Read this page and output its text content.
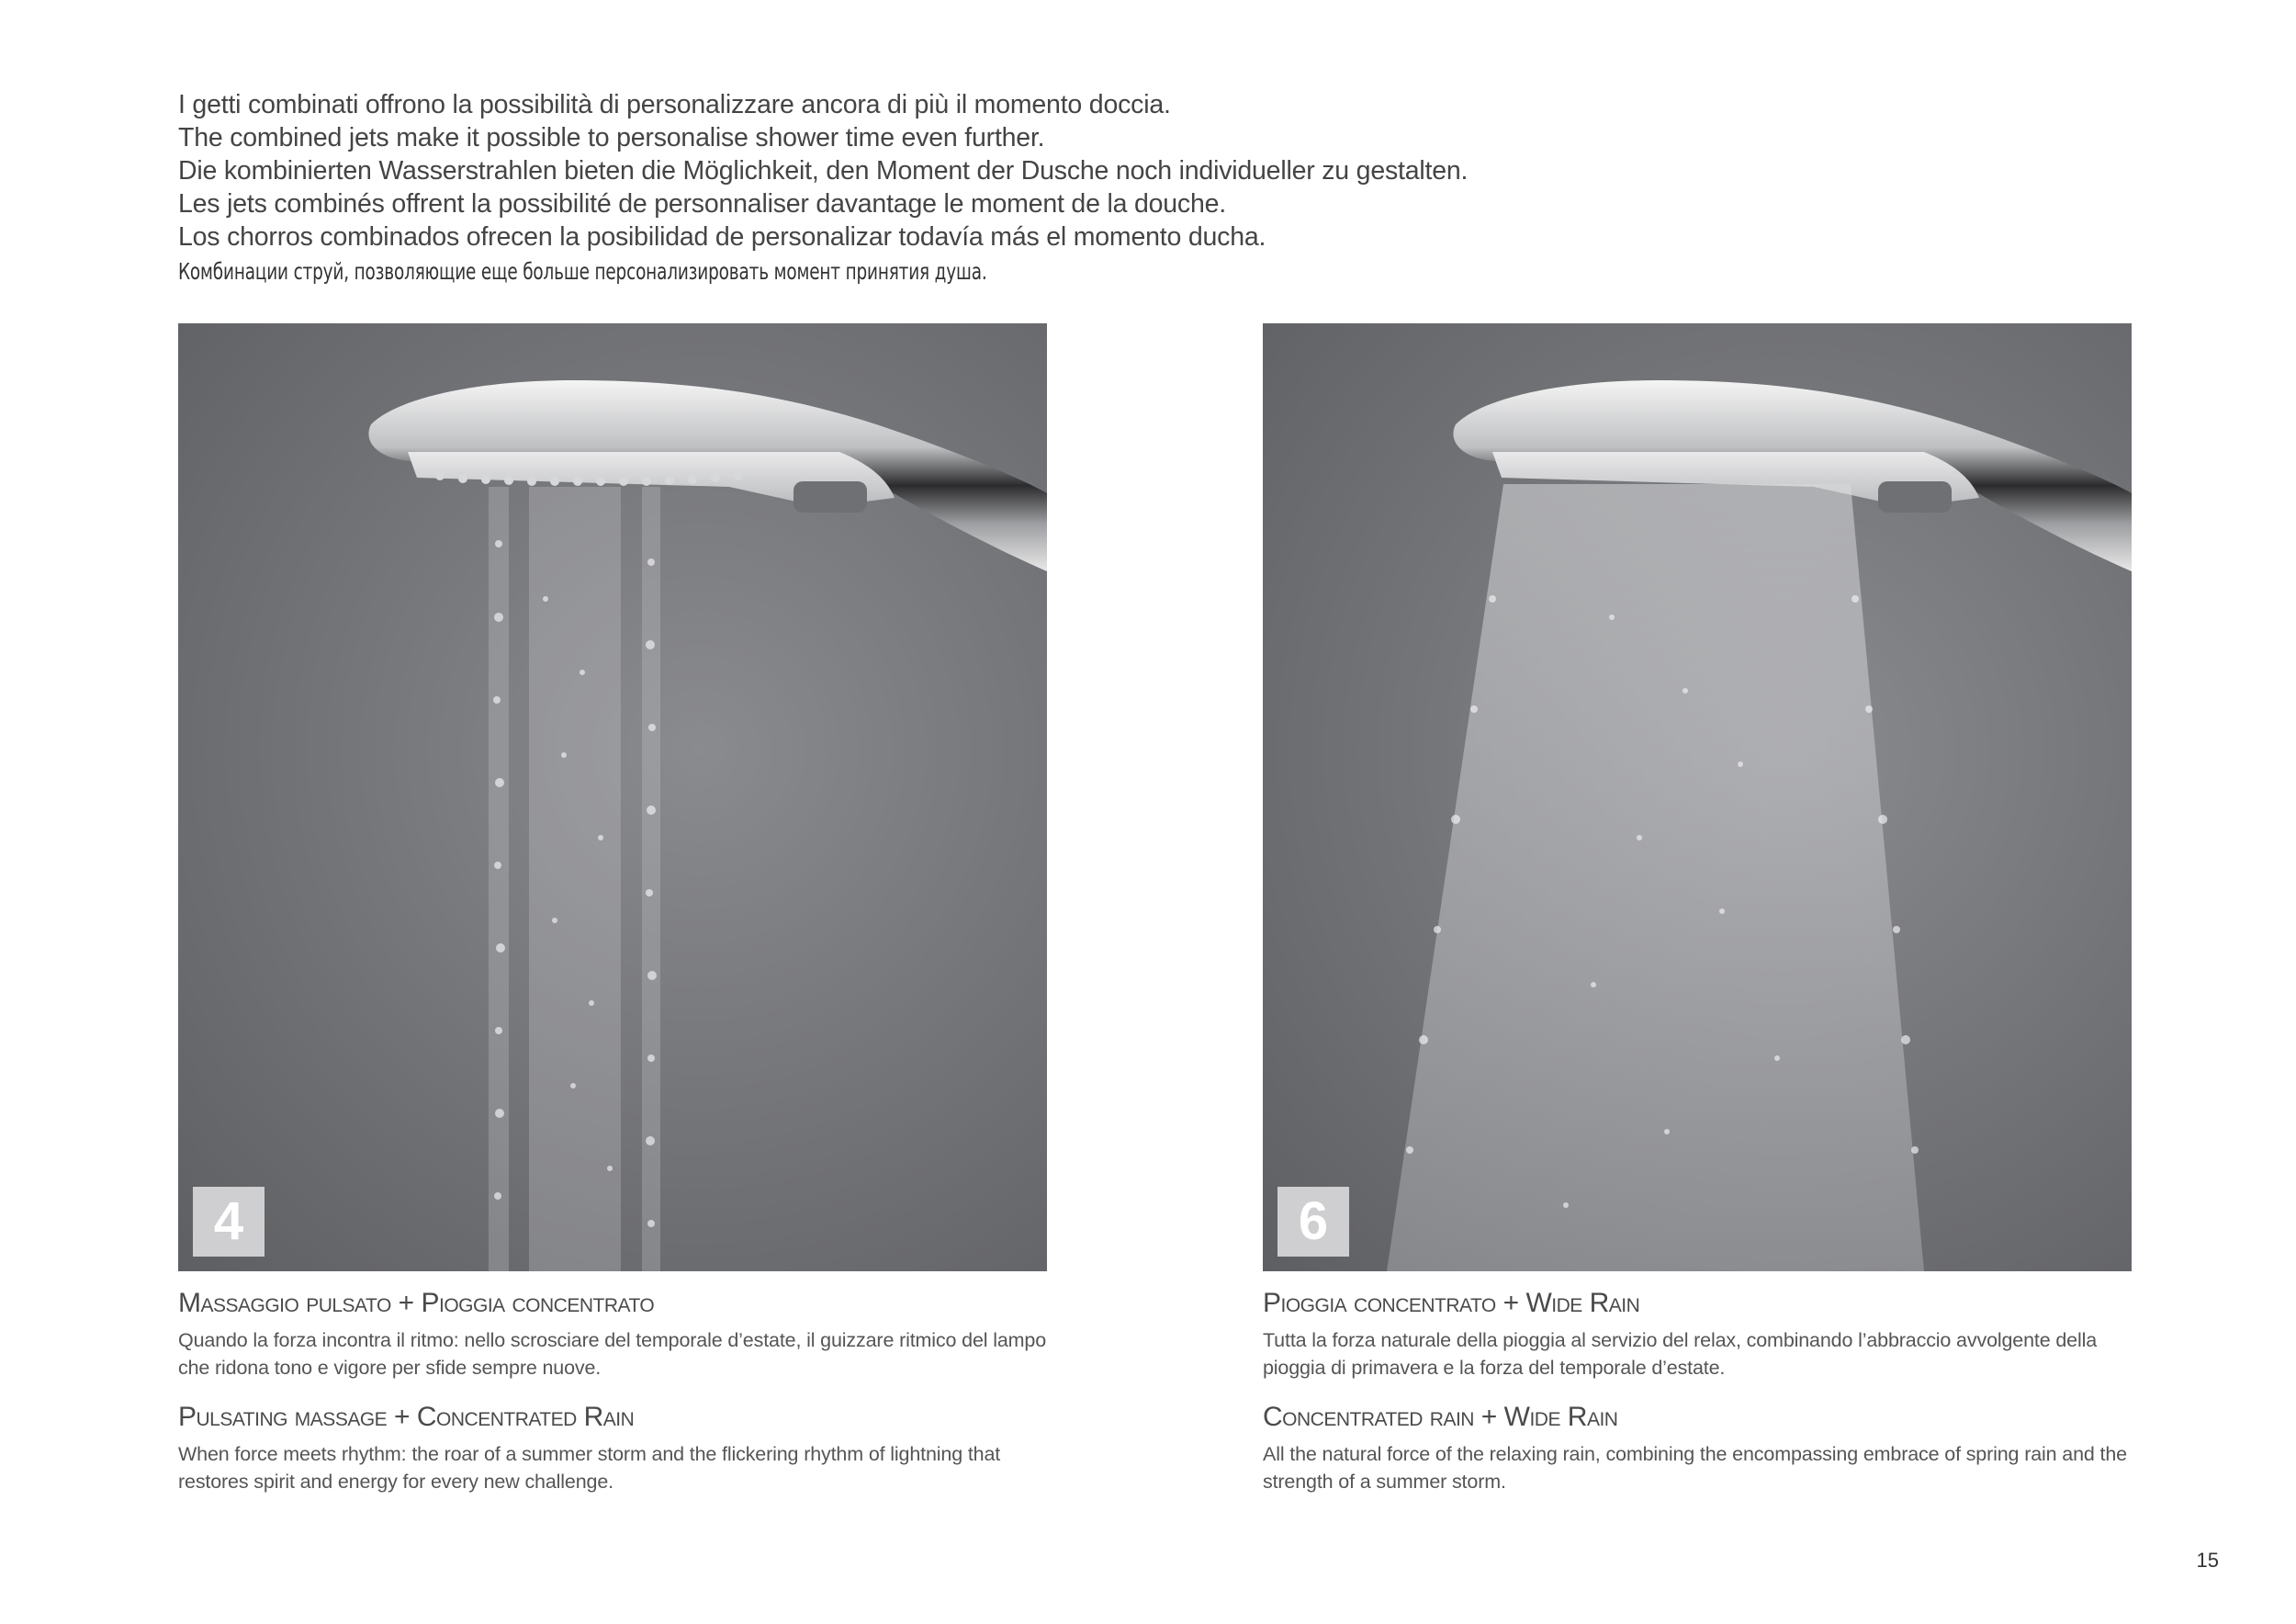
I getti combinati offrono la possibilità di personalizzare ancora di più il momento doccia.
The combined jets make it possible to personalise shower time even further.
Die kombinierten Wasserstrahlen bieten die Möglichkeit, den Moment der Dusche noch individueller zu gestalten.
Les jets combinés offrent la possibilité de personnaliser davantage le moment de la douche.
Los chorros combinados ofrecen la posibilidad de personalizar todavía más el momento ducha.
Комбинации струй, позволяющие еще больше персонализировать момент принятия душа.
4	6

Massaggio pulsato + Pioggia concentrato

Quando la forza incontra il ritmo: nello scrosciare del temporale d’estate, il guizzare ritmico del lampo che ridona tono e vigore per sfide sempre nuove.

Pulsating massage + Concentrated Rain

When force meets rhythm: the roar of a summer storm and the flickering rhythm of lightning that restores spirit and energy for every new challenge.

Pioggia concentrato + Wide Rain

Tutta la forza naturale della pioggia al servizio del relax, combinando l’abbraccio avvolgente della pioggia di primavera e la forza del temporale d’estate.

Concentrated rain + Wide Rain

All the natural force of the relaxing rain, combining the encompassing embrace of spring rain and the strength of a summer storm.

15
